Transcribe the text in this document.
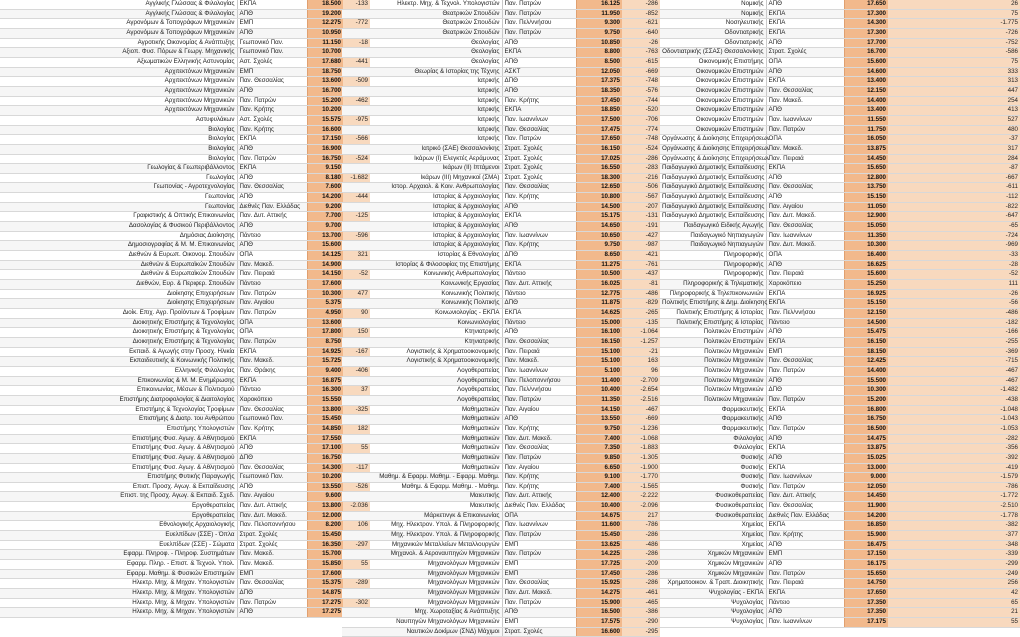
Αγγλικής Γλώσσας & Φιλολογίας	ΕΚΠΑ	18.500	-133
Αγγλικής Γλώσσας & Φιλολογίας	ΑΠΘ	19.200	
Αγρονόμων & Τοπογράφων Μηχανικών	ΕΜΠ	12.275	-772
Αγρονόμων & Τοπογράφων Μηχανικών	ΑΠΘ	10.950	
Αγροτικής Οικονομίας & Ανάπτυξης	Γεωπονικό Παν.	11.150	-18
Αξιοπ. Φυσ. Πόρων & Γεωργ. Μηχανικής	Γεωπονικό Παν.	10.700	
Αξιωματικών Ελληνικής Αστυνομίας	Αστ. Σχολές	17.680	-441
Αρχιτεκτόνων Μηχανικών	ΕΜΠ	18.750	
Αρχιτεκτόνων Μηχανικών	Παν. Θεσσαλίας	13.600	-509
Αρχιτεκτόνων Μηχανικών	ΑΠΘ	16.700	
Αρχιτεκτόνων Μηχανικών	Παν. Πατρών	15.200	-462
Αρχιτεκτόνων Μηχανικών	Παν. Κρήτης	10.200	
Αστυφυλάκων	Αστ. Σχολές	15.575	-975
Βιολογίας	Παν. Κρήτης	16.600	
Βιολογίας	ΕΚΠΑ	17.150	-566
Βιολογίας	ΑΠΘ	16.900	
Βιολογίας	Παν. Πατρών	16.750	-524
Γεωλογίας & Γεωπεριβάλλοντος	ΕΚΠΑ	9.150	
Γεωλογίας	ΑΠΘ	8.180	-1.682
Γεωπονίας - Αγροτεχνολογίας	Παν. Θεσσαλίας	7.600	
Γεωπονίας	ΑΠΘ	14.200	-444
Γεωπονίας	Διεθνές Παν. Ελλάδας	9.200	
Γραφιστικής & Οπτικής Επικοινωνίας	Παν. Δυτ. Αττικής	7.700	-125
Δασολογίας & Φυσικού Περιβάλλοντος	ΑΠΘ	9.700	
Δημόσιας Διοίκησης	Πάντειο	13.700	-596
Δημοσιογραφίας & Μ. Μ. Επικοινωνίας	ΑΠΘ	15.600	
Διεθνών & Ευρωπ. Οικονομ. Σπουδών	ΟΠΑ	14.125	321
Διεθνών & Ευρωπαϊκών Σπουδών	Παν. Μακεδ.	14.900	
Διεθνών & Ευρωπαϊκών Σπουδών	Παν. Πειραιά	14.150	-52
Διεθνών, Ευρ. & Περιφερ. Σπουδών	Πάντειο	17.600	
Διοίκησης Επιχειρήσεων	Παν. Πατρών	10.300	477
Διοίκησης Επιχειρήσεων	Παν. Αιγαίου	5.375	
Διοίκ. Επιχ. Αγρ. Προϊόντων & Τροφίμων	Παν. Πατρών	4.950	90
Διοικητικής Επιστήμης & Τεχνολογίας	ΟΠΑ	13.600	
Διοικητικής Επιστήμης & Τεχνολογίας	ΟΠΑ	17.800	150
Διοικητικής Επιστήμης & Τεχνολογίας	Παν. Πατρών	8.750	
Εκπαιδ. & Αγωγής στην Προσχ. Ηλικία	ΕΚΠΑ	14.925	-167
Εκπαιδευτικής & Κοινωνικής Πολιτικής	Παν. Μακεδ.	15.725	
Ελληνικής Φιλολογίας	Παν. Θράκης	9.400	-406
Επικοινωνίας & Μ. Μ. Ενημέρωσης	ΕΚΠΑ	16.875	
Επικοινωνίας, Μέσων & Πολιτισμού	Πάντειο	16.300	37
Επιστήμης Διατροφολογίας & Διαιτολογίας	Χαροκόπειο	15.550	
Επιστήμης & Τεχνολογίας Τροφίμων	Παν. Θεσσαλίας	13.800	-325
Επιστήμης & Διατρ. του Ανθρώπου	Γεωπονικό Παν.	15.450	
Επιστήμης Υπολογιστών	Παν. Κρήτης	14.850	182
Επιστήμης Φυσ. Αγωγ. & Αθλητισμού	ΕΚΠΑ	17.550	
Επιστήμης Φυσ. Αγωγ. & Αθλητισμού	ΑΠΘ	17.100	55
Επιστήμης Φυσ. Αγωγ. & Αθλητισμού	ΔΠΘ	16.750	
Επιστήμης Φυσ. Αγωγ. & Αθλητισμού	Παν. Θεσσαλίας	14.300	-117
Επιστήμης Φυτικής Παραγωγής	Γεωπονικό Παν.	10.200	
Επιστ. Προσχ. Αγωγ. & Εκπαίδευσης	ΑΠΘ	13.550	-526
Επιστ. της Προσχ. Αγωγ. & Εκπαιδ. Σχεδ.	Παν. Αιγαίου	9.600	
Εργοθεραπείας	Παν. Δυτ. Αττικής	13.800	-2.036
Εργοθεραπείας	Παν. Δυτ. Μακεδ.	12.000	
Εθνολογικής Αρχαιολογικής	Παν. Πελοποννήσου	8.200	106
Ευελπίδων (ΣΣΕ) - Όπλα	Στρατ. Σχολές	15.450	
Ευελπίδων (ΣΣΕ) - Σώματα	Στρατ. Σχολές	16.350	-297
Εφαρμ. Πληροφ. - Πληροφ. Συστημάτων	Παν. Μακεδ.	15.700	
Εφαρμ. Πληρ. - Επιστ. & Τεχνολ. Υπολ.	Παν. Μακεδ.	15.850	55
Εφαρμ. Μαθημ. & Φυσικών Επιστημών	ΕΜΠ	17.600	
Ηλεκτρ. Μηχ. & Μηχαν. Υπολογιστών	Παν. Θεσσαλίας	15.375	-289
Ηλεκτρ. Μηχ. & Μηχαν. Υπολογιστών	ΔΠΘ	14.875	
Ηλεκτρ. Μηχ. & Μηχαν. Υπολογιστών	Παν. Πατρών	17.275	-302
Ηλεκτρ. Μηχ. & Μηχαν. Υπολογιστών	ΑΠΘ	17.275	
Ηλεκτρ. Μηχ. & Τεχνολ. Υπολογιστών	Παν. Πατρών	16.125	-286
Θεατρικών Σπουδών	Παν. Πατρών	11.950	-852
Θεατρικών Σπουδών	Παν. Πελ/ννήσου	9.300	-621
Θεατρικών Σπουδών	Παν. Πατρών	9.750	-640
Θεολογίας	ΑΠΘ	10.850	-26
Θεολογίας	ΕΚΠΑ	8.800	-763
Θεολογίας	ΑΠΘ	8.500	-615
Θεωρίας & Ιστορίας της Τέχνης	ΑΣΚΤ	12.050	-669
Ιατρικής	ΔΠΘ	17.375	-748
Ιατρικής	ΑΠΘ	18.350	-576
Ιατρικής	Παν. Κρήτης	17.450	-744
Ιατρικής	ΕΚΠΑ	18.850	-520
Ιατρικής	Παν. Ιωαννίνων	17.500	-706
Ιατρικής	Παν. Θεσσαλίας	17.475	-774
Ιατρικής	Παν. Πατρών	17.650	-748
Ιατρικό (ΣΑΕ) Θεσσαλονίκης	Στρατ. Σχολές	16.150	-524
Ικάρων (Ι) Ελεγκτές Αεράμυνας	Στρατ. Σχολές	17.025	-286
Ικάρων (ΙΙ) Ιπτάμενοι	Στρατ. Σχολές	16.550	-283
Ικάρων (ΙΙΙ) Μηχανικοί (ΣΜΑ)	Στρατ. Σχολές	18.300	-216
Ιστορ. Αρχαιολ. & Κοιν. Ανθρωπολογίας	Παν. Θεσσαλίας	12.650	-506
Ιστορίας & Αρχαιολογίας	Παν. Κρήτης	10.800	-567
Ιστορίας & Αρχαιολογίας	ΑΠΘ	14.500	-207
Ιστορίας & Αρχαιολογίας	ΕΚΠΑ	15.175	-131
Ιστορίας & Αρχαιολογίας	ΑΠΘ	14.650	-191
Ιστορίας & Αρχαιολογίας	Παν. Ιωαννίνων	10.650	-427
Ιστορίας & Αρχαιολογίας	Παν. Κρήτης	9.750	-987
Ιστορίας & Εθνολογίας	ΔΠΘ	8.650	-421
Ιστορίας & Φιλοσοφίας της Επιστήμης	ΕΚΠΑ	11.275	-761
Κοινωνικής Ανθρωπολογίας	Πάντειο	10.500	-437
Κοινωνικής Εργασίας	Παν. Δυτ. Αττικής	16.025	-81
Κοινωνικής Πολιτικής	Πάντειο	12.775	-486
Κοινωνικής Πολιτικής	ΔΠΘ	11.875	-829
Κοινωνιολογίας - ΕΚΠΑ	ΕΚΠΑ	14.625	-265
Κοινωνιολογίας	Πάντειο	15.000	-135
Κτηνιατρικής	ΑΠΘ	16.100	-1.064
Κτηνιατρικής	Παν. Θεσσαλίας	16.150	-1.257
Λογιστικής & Χρηματοοικονομικής	Παν. Πειραιά	15.100	-21
Λογιστικής & Χρηματοοικονομικής	Παν. Μακεδ.	15.100	163
Λογοθεραπείας	Παν. Ιωαννίνων	5.100	96
Λογοθεραπείας	Παν. Πελοποννήσου	11.400	-2.709
Λογοθεραπείας	Παν. Πελ/ννήσου	10.400	-2.654
Λογοθεραπείας	Παν. Πατρών	11.350	-2.516
Μαθηματικών	Παν. Αιγαίου	14.150	-467
Μαθηματικών	ΑΠΘ	13.550	-669
Μαθηματικών	Παν. Κρήτης	9.750	-1.236
Μαθηματικών	Παν. Δυτ. Μακεδ.	7.400	-1.068
Μαθηματικών	Παν. Θεσσαλίας	7.350	-1.883
Μαθηματικών	Παν. Πατρών	9.850	-1.305
Μαθηματικών	Παν. Αιγαίου	6.650	-1.900
Μαθημ. & Εφαρμ. Μαθημ. - Εφαρμ. Μαθημ.	Παν. Κρήτης	9.100	-1.770
Μαθημ. & Εφαρμ. Μαθημ. - Μαθημ.	Παν. Κρήτης	7.400	-1.565
Μαιευτικής	Παν. Δυτ. Αττικής	12.400	-2.222
Μαιευτικής	Διεθνές Παν. Ελλάδας	10.400	-2.096
Μάρκετινγκ & Επικοινωνίας	ΟΠΑ	14.675	217
Μηχ. Ηλεκτρον. Υπολ. & Πληροφορικής	Παν. Ιωαννίνων	11.600	-786
Μηχ. Ηλεκτρον. Υπολ. & Πληροφορικής	Παν. Πατρών	15.450	-286
Μηχανικών Μεταλλείων Μεταλλουργών	ΕΜΠ	13.625	-486
Μηχανολ. & Αεροναυπηγών Μηχανικών	Παν. Πατρών	14.225	-286
Μηχανολόγων Μηχανικών	ΕΜΠ	17.725	-209
Μηχανολόγων Μηχανικών	ΕΜΠ	17.450	-286
Μηχανολόγων Μηχανικών	Παν. Θεσσαλίας	15.925	-286
Μηχανολόγων Μηχανικών	Παν. Δυτ. Μακεδ.	14.275	-461
Μηχανολόγων Μηχανικών	Παν. Πατρών	15.900	-465
Μηχ. Χωροταξίας & Ανάπτυξης	ΑΠΘ	16.500	-386
Ναυπηγών Μηχανολόγων Μηχανικών	ΕΜΠ	17.575	-290
Ναυτικών Δοκίμων (ΣΝΔ) Μάχιμοι	Στρατ. Σχολές	16.600	-295
Νομικής	ΑΠΘ	17.650	26
Νομικής	ΕΚΠΑ	17.300	75
Νοσηλευτικής	ΕΚΠΑ	14.300	-1.775
Οδοντιατρικής	ΕΚΠΑ	17.300	-726
Οδοντιατρικής	ΑΠΘ	17.700	-752
Οδοντιατρικής (ΣΣΑΣ) Θεσσαλονίκης	Στρατ. Σχολές	16.700	-586
Οικονομικής Επιστήμης	ΟΠΑ	15.600	75
Οικονομικών Επιστημών	ΑΠΘ	14.600	333
Οικονομικών Επιστημών	ΕΚΠΑ	13.400	313
Οικονομικών Επιστημών	Παν. Θεσσαλίας	12.150	447
Οικονομικών Επιστημών	Παν. Μακεδ.	14.400	254
Οικονομικών Επιστημών	ΑΠΘ	13.400	413
Οικονομικών Επιστημών	Παν. Ιωαννίνων	11.550	527
Οικονομικών Επιστημών	Παν. Πατρών	11.750	480
Οργάνωσης & Διοίκησης Επιχειρήσεων	ΟΠΑ	16.050	-37
Οργάνωσης & Διοίκησης Επιχειρήσεων	Παν. Μακεδ.	13.875	317
Οργάνωσης & Διοίκησης Επιχειρήσεων	Παν. Πειραιά	14.450	284
Παιδαγωγικό Δημοτικής Εκπαίδευσης	ΕΚΠΑ	15.650	-87
Παιδαγωγικό Δημοτικής Εκπαίδευσης	ΑΠΘ	12.800	-667
Παιδαγωγικό Δημοτικής Εκπαίδευσης	Παν. Θεσσαλίας	13.750	-611
Παιδαγωγικό Δημοτικής Εκπαίδευσης	ΑΠΘ	15.150	-112
Παιδαγωγικό Δημοτικής Εκπαίδευσης	Παν. Αιγαίου	11.050	-822
Παιδαγωγικό Δημοτικής Εκπαίδευσης	Παν. Δυτ. Μακεδ.	12.900	-647
Παιδαγωγικό Ειδικής Αγωγής	Παν. Θεσσαλίας	15.050	-65
Παιδαγωγικό Νηπιαγωγών	Παν. Ιωαννίνων	11.350	-724
Παιδαγωγικό Νηπιαγωγών	Παν. Δυτ. Μακεδ.	10.300	-969
Πληροφορικής	ΟΠΑ	16.400	-33
Πληροφορικής	ΑΠΘ	16.625	-28
Πληροφορικής	Παν. Πειραιά	15.600	-52
Πληροφορικής & Τηλεματικής	Χαροκόπειο	15.250	111
Πληροφορικής & Τηλεπικοινωνιών	ΕΚΠΑ	16.925	-26
Πολιτικής Επιστήμης & Δημ. Διοίκησης	ΕΚΠΑ	15.150	-56
Πολιτικής Επιστήμης & Ιστορίας	Παν. Πελ/ννήσου	12.150	-486
Πολιτικής Επιστήμης & Ιστορίας	Πάντειο	14.500	-182
Πολιτικών Επιστημών	ΑΠΘ	15.475	-166
Πολιτικών Επιστημών	ΕΚΠΑ	16.150	-255
Πολιτικών Μηχανικών	ΕΜΠ	18.150	-369
Πολιτικών Μηχανικών	Παν. Θεσσαλίας	12.425	-715
Πολιτικών Μηχανικών	Παν. Πατρών	14.400	-467
Πολιτικών Μηχανικών	ΑΠΘ	15.500	-467
Πολιτικών Μηχανικών	ΔΠΘ	10.300	-1.482
Πολιτικών Μηχανικών	Παν. Πατρών	15.200	-438
Φαρμακευτικής	ΕΚΠΑ	16.800	-1.048
Φαρμακευτικής	ΑΠΘ	16.750	-1.043
Φαρμακευτικής	Παν. Πατρών	16.500	-1.053
Φιλολογίας	ΑΠΘ	14.475	-282
Φιλολογίας	ΕΚΠΑ	13.875	-356
Φυσικής	ΑΠΘ	15.025	-392
Φυσικής	ΕΚΠΑ	13.000	-419
Φυσικής	Παν. Ιωαννίνων	9.000	-1.579
Φυσικής	Παν. Πατρών	12.050	-786
Φυσικοθεραπείας	Παν. Δυτ. Αττικής	14.450	-1.772
Φυσικοθεραπείας	Παν. Θεσσαλίας	11.900	-2.510
Φυσικοθεραπείας	Διεθνές Παν. Ελλάδας	14.200	-1.778
Χημείας	ΕΚΠΑ	16.850	-382
Χημείας	Παν. Κρήτης	15.900	-377
Χημείας	ΑΠΘ	16.475	-348
Χημικών Μηχανικών	ΕΜΠ	17.150	-339
Χημικών Μηχανικών	ΑΠΘ	16.175	-299
Χημικών Μηχανικών	Παν. Πατρών	15.650	-249
Χρηματοοικον. & Τραπ. Διοικητικής	Παν. Πειραιά	14.750	256
Ψυχολογίας - ΕΚΠΑ	ΕΚΠΑ	17.650	42
Ψυχολογίας	Πάντειο	17.350	65
Ψυχολογίας	ΑΠΘ	17.350	21
Ψυχολογίας	Παν. Ιωαννίνων	17.175	55
